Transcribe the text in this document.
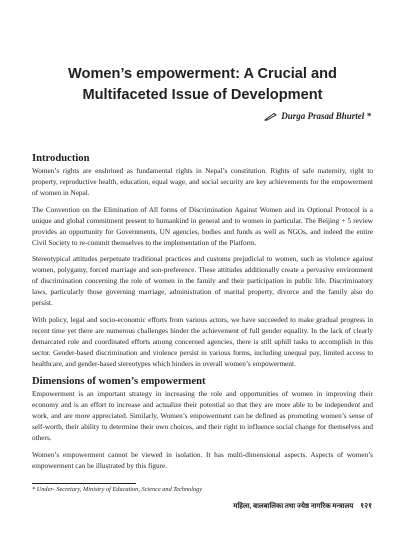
Women’s empowerment: A Crucial and Multifaceted Issue of Development
Durga Prasad Bhurtel *
Introduction

Women’s rights are enshrined as fundamental rights in Nepal’s constitution. Rights of safe maternity, right to property, reproductive health, education, equal wage, and social security are key achievements for the empowerment of women in Nepal.

The Convention on the Elimination of All forms of Discrimination Against Women and its Optional Protocol is a unique and global commitment present to humankind in general and to women in particular. The Beijing + 5 review provides an opportunity for Governments, UN agencies, bodies and funds as well as NGOs, and indeed the entire Civil Society to re-commit themselves to the implementation of the Platform.

Stereotypical attitudes perpetuate traditional practices and customs prejudicial to women, such as violence against women, polygamy, forced marriage and son-preference. These attitudes additionally create a pervasive environment of discrimination concerning the role of women in the family and their participation in public life. Discriminatory laws, particularly those governing marriage, administration of marital property, divorce and the family also do persist.

With policy, legal and socio-economic efforts from various actors, we have succeeded to make gradual progress in recent time yet there are numerous challenges hinder the achievement of full gender equality. In the lack of clearly demarcated role and coordinated efforts among concerned agencies, there is still uphill tasks to accomplish in this sector. Gender-based discrimination and violence persist in various forms, including unequal pay, limited access to healthcare, and gender-based stereotypes which hinders in overall women’s empowerment.

Dimensions of women’s empowerment

Empowerment is an important strategy in increasing the role and opportunities of women in improving their economy and is an effort to increase and actualize their potential so that they are more able to be independent and work, and are more appreciated. Similarly, Women’s empowerment can be defined as promoting women’s sense of self-worth, their ability to determine their own choices, and their right to influence social change for themselves and others.

Women’s empowerment cannot be viewed in isolation. It has multi-dimensional aspects. Aspects of women’s empowerment can be illustrated by this figure.

* Under- Secretary, Ministry of Education, Science and Technology
महिला, बालबालिका तथा ज्येष्ठ नागरिक मन्त्रालय १२१
